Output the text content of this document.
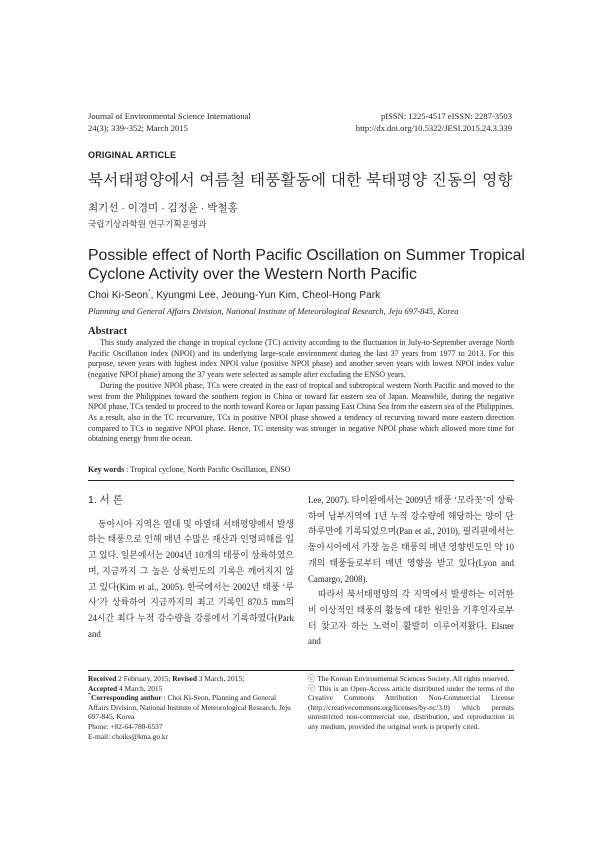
Journal of Environmental Science International
24(3); 339~352; March 2015
pISSN: 1225-4517 eISSN: 2287-3503
http://dx.doi.org/10.5322/JESI.2015.24.3.339
ORIGINAL ARTICLE
북서태평양에서 여름철 태풍활동에 대한 북태평양 진동의 영향
최기선 · 이경미 · 김정윤 · 박철홍
국립기상과학원 연구기획운영과
Possible effect of North Pacific Oscillation on Summer Tropical Cyclone Activity over the Western North Pacific
Choi Ki-Seon*, Kyungmi Lee, Jeoung-Yun Kim, Cheol-Hong Park
Planning and General Affairs Division, National Institute of Meteorological Research, Jeju 697-845, Korea
Abstract

This study analyzed the change in tropical cyclone (TC) activity according to the fluctuation in July-to-September average North Pacific Oscillation index (NPOI) and its underlying large-scale environment during the last 37 years from 1977 to 2013. For this purpose, seven years with highest index NPOI value (positive NPOI phase) and another seven years with lowest NPOI index value (negative NPOI phase) among the 37 years were selected as sample after excluding the ENSO years.

During the positive NPOI phase, TCs were created in the east of tropical and subtropical western North Pacific and moved to the west from the Philippines toward the southern region in China or toward far eastern sea of Japan. Meanwhile, during the negative NPOI phase, TCs tended to proceed to the north toward Korea or Japan passing East China Sea from the eastern sea of the Philippines. As a result, also in the TC recurvature, TCs in positive NPOI phase showed a tendency of recurving toward more eastern direction compared to TCs in negative NPOI phase. Hence, TC intensity was stronger in negative NPOI phase which allowed more time for obtaining energy from the ocean.

Key words : Tropical cyclone, North Pacific Oscillation, ENSO

1. 서 론

동아시아 지역은 열대 및 아열대 서태평양에서 발생하는 태풍으로 인해 매년 수많은 재산과 인명피해를 입고 있다. 일본에서는 2004년 10개의 태풍이 상륙하였으며, 지금까지 그 높은 상륙빈도의 기록은 깨어지지 않고 있다(Kim et al., 2005). 한국에서는 2002년 태풍 ‘루사’가 상륙하여 지금까지의 최고 기록인 870.5 mm의 24시간 최다 누적 강수량을 강릉에서 기록하였다(Park and

Lee, 2007). 타이완에서는 2009년 태풍 ‘모라꼿’이 상륙하여 남부지역에 1년 누적 강수량에 해당하는 양이 단 하루만에 기록되었으며(Pan et al., 2010), 필리핀에서는 동아시아에서 가장 높은 태풍의 매년 영향빈도인 약 10개의 태풍들로부터 매년 영향을 받고 있다(Lyon and Camargo, 2008).

따라서 북서태평양의 각 지역에서 발생하는 이러한 비 이상적인 태풍의 활동에 대한 원인을 기후인자로부터 찾고자 하는 노력이 활발히 이루어져왔다. Elsner and

Received 2 February, 2015; Revised 3 March, 2015;

Accepted 4 March, 2015

*Corresponding author : Choi Ki-Seon, Planning and General Affairs Division, National Institute of Meteorological Research, Jeju 697-845, Korea

Phone: +82-64-780-6537

E-mail: choiks@kma.go.kr

ⓒ The Korean Environmental Sciences Society. All rights reserved.

ⓒ This is an Open-Access article distributed under the terms of the Creative Commons Attribution Non-Commercial License (http://creativecommons.org/licenses/by-nc/3.0) which permits unrestricted non-commercial use, distribution, and reproduction in any medium, provided the original work is properly cited.
